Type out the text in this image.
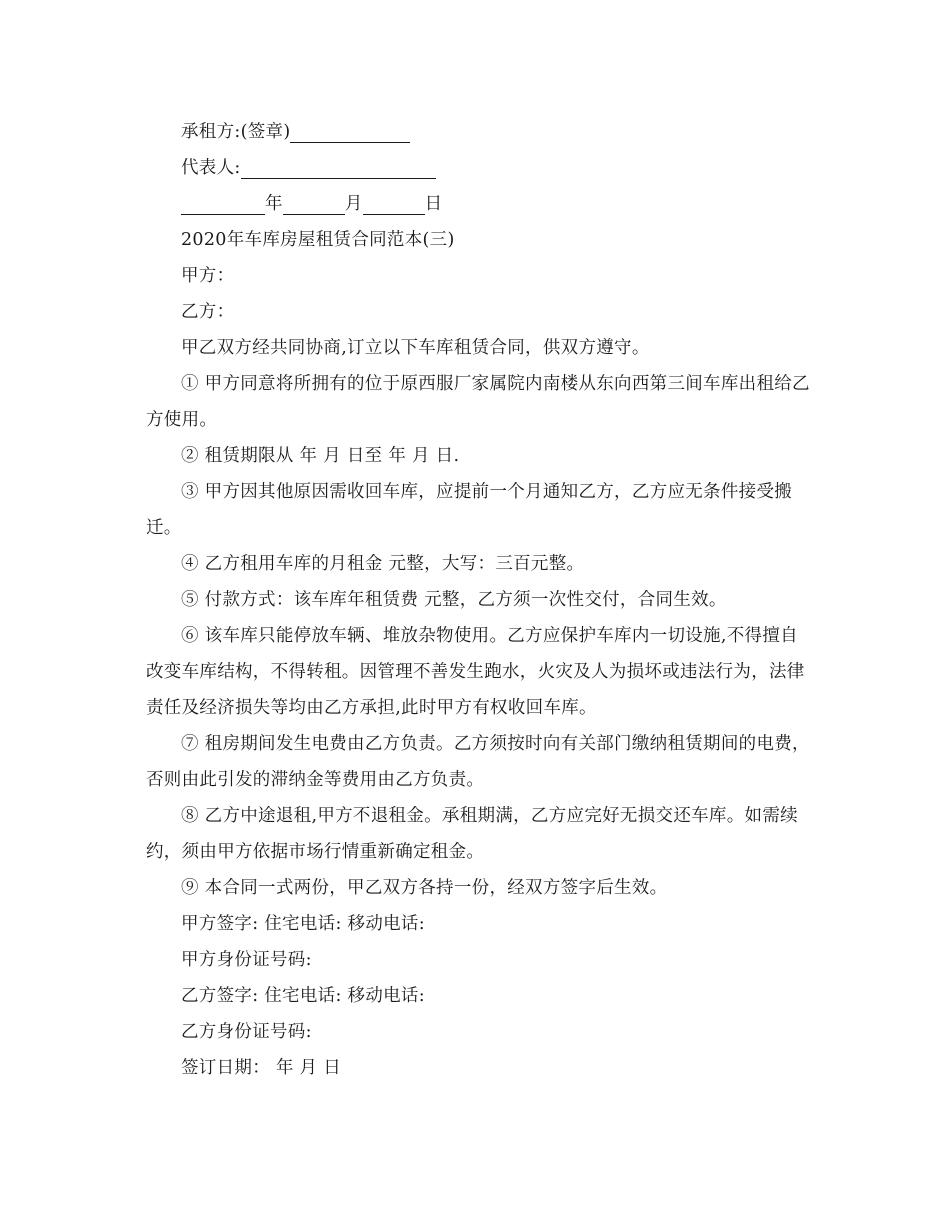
承租方:(签章)

代表人:

年	月	日

2020年车库房屋租赁合同范本(三)

甲方：

乙方：

甲乙双方经共同协商,订立以下车库租赁合同，供双方遵守。

① 甲方同意将所拥有的位于原西服厂家属院内南楼从东向西第三间车库出租给乙方使用。

② 租赁期限从 年 月 日至 年 月 日.

③ 甲方因其他原因需收回车库，应提前一个月通知乙方，乙方应无条件接受搬迁。

④ 乙方租用车库的月租金 元整，大写：三百元整。

⑤ 付款方式：该车库年租赁费 元整，乙方须一次性交付，合同生效。

⑥ 该车库只能停放车辆、堆放杂物使用。乙方应保护车库内一切设施,不得擅自改变车库结构，不得转租。因管理不善发生跑水，火灾及人为损坏或违法行为，法律责任及经济损失等均由乙方承担,此时甲方有权收回车库。

⑦ 租房期间发生电费由乙方负责。乙方须按时向有关部门缴纳租赁期间的电费，否则由此引发的滞纳金等费用由乙方负责。

⑧ 乙方中途退租,甲方不退租金。承租期满，乙方应完好无损交还车库。如需续约，须由甲方依据市场行情重新确定租金。

⑨ 本合同一式两份，甲乙双方各持一份，经双方签字后生效。

甲方签字: 住宅电话: 移动电话:

甲方身份证号码:

乙方签字: 住宅电话: 移动电话:

乙方身份证号码:

签订日期： 年 月 日
